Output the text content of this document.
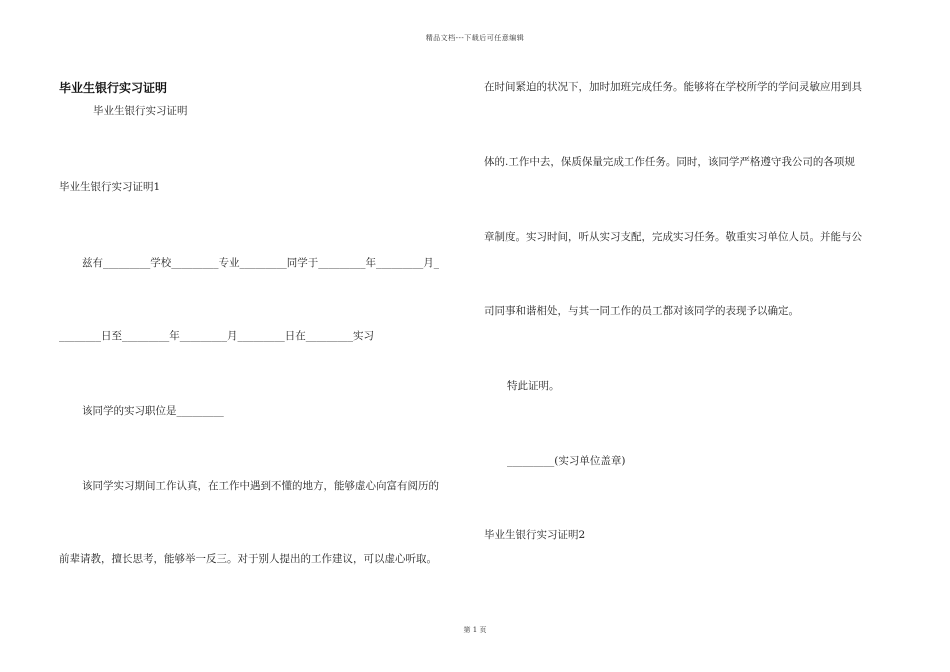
精品文档---下载后可任意编辑
毕业生银行实习证明
毕业生银行实习证明
毕业生银行实习证明1
兹有_________学校_________专业_________同学于_________年_________月_
________日至_________年_________月_________日在_________实习
该同学的实习职位是_________
该同学实习期间工作认真，在工作中遇到不懂的地方，能够虚心向富有阅历的
前辈请教，擅长思考，能够举一反三。对于别人提出的工作建议，可以虚心听取。
在时间紧迫的状况下，加时加班完成任务。能够将在学校所学的学问灵敏应用到具
体的.工作中去，保质保量完成工作任务。同时，该同学严格遵守我公司的各项规
章制度。实习时间，听从实习支配，完成实习任务。敬重实习单位人员。并能与公
司同事和谐相处，与其一同工作的员工都对该同学的表现予以确定。
特此证明。
_________(实习单位盖章)
毕业生银行实习证明2
第 1 页
